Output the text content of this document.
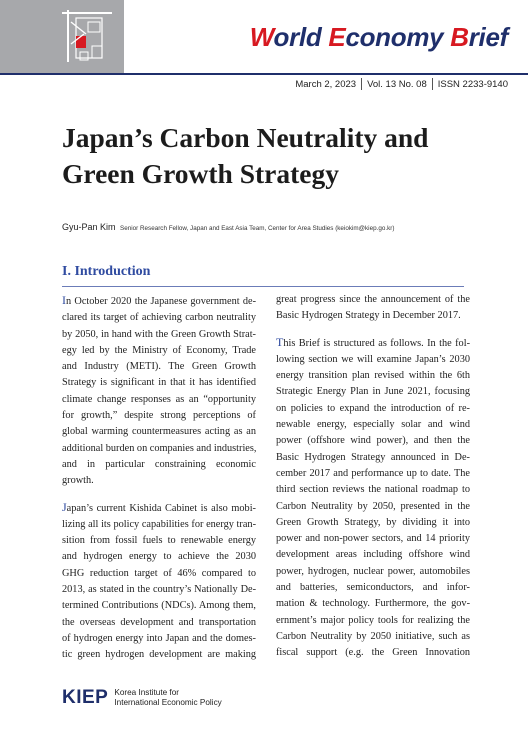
World Economy Brief
March 2, 2023 Vol. 13 No. 08 ISSN 2233-9140
Japan’s Carbon Neutrality and
Green Growth Strategy
Gyu-Pan Kim Senior Research Fellow, Japan and East Asia Team, Center for Area Studies (keiokim@kiep.go.kr)
I. Introduction

In October 2020 the Japanese government de-
clared its target of achieving carbon neutrality
by 2050, in hand with the Green Growth Strat-
egy led by the Ministry of Economy, Trade
and Industry (METI). The Green Growth
Strategy is significant in that it has identified
climate change responses as an “opportunity
for growth,” despite strong perceptions of
global warming countermeasures acting as an
additional burden on companies and industries,
and in particular constraining economic
growth.

Japan’s current Kishida Cabinet is also mobi-
lizing all its policy capabilities for energy tran-
sition from fossil fuels to renewable energy
and hydrogen energy to achieve the 2030
GHG reduction target of 46% compared to
2013, as stated in the country’s Nationally De-
termined Contributions (NDCs). Among them,
the overseas development and transportation
of hydrogen energy into Japan and the domes-
tic green hydrogen development are making

great progress since the announcement of the
Basic Hydrogen Strategy in December 2017.

This Brief is structured as follows. In the fol-
lowing section we will examine Japan’s 2030
energy transition plan revised within the 6th
Strategic Energy Plan in June 2021, focusing
on policies to expand the introduction of re-
newable energy, especially solar and wind
power (offshore wind power), and then the
Basic Hydrogen Strategy announced in De-
cember 2017 and performance up to date. The
third section reviews the national roadmap to
Carbon Neutrality by 2050, presented in the
Green Growth Strategy, by dividing it into
power and non-power sectors, and 14 priority
development areas including offshore wind
power, hydrogen, nuclear power, automobiles
and batteries, semiconductors, and infor-
mation & technology. Furthermore, the gov-
ernment’s major policy tools for realizing the
Carbon Neutrality by 2050 initiative, such as
fiscal support (e.g. the Green Innovation

KIEP Korea Institute for
International Economic Policy
